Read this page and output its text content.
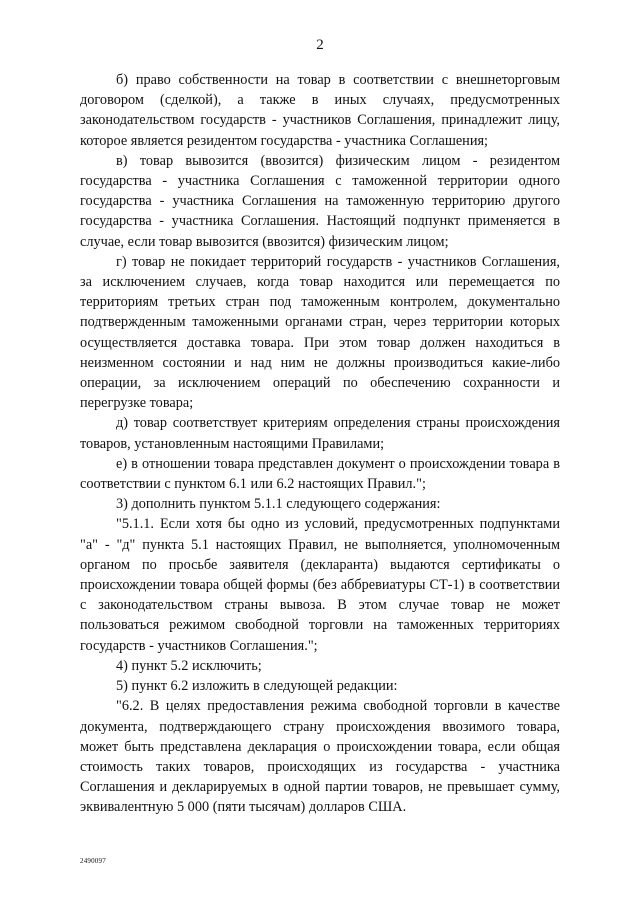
2

б) право собственности на товар в соответствии с внешнеторговым договором (сделкой), а также в иных случаях, предусмотренных законодательством государств - участников Соглашения, принадлежит лицу, которое является резидентом государства - участника Соглашения;

в) товар вывозится (ввозится) физическим лицом - резидентом государства - участника Соглашения с таможенной территории одного государства - участника Соглашения на таможенную территорию другого государства - участника Соглашения. Настоящий подпункт применяется в случае, если товар вывозится (ввозится) физическим лицом;

г) товар не покидает территорий государств - участников Соглашения, за исключением случаев, когда товар находится или перемещается по территориям третьих стран под таможенным контролем, документально подтвержденным таможенными органами стран, через территории которых осуществляется доставка товара. При этом товар должен находиться в неизменном состоянии и над ним не должны производиться какие-либо операции, за исключением операций по обеспечению сохранности и перегрузке товара;

д) товар соответствует критериям определения страны происхождения товаров, установленным настоящими Правилами;

е) в отношении товара представлен документ о происхождении товара в соответствии с пунктом 6.1 или 6.2 настоящих Правил.";

3) дополнить пунктом 5.1.1 следующего содержания:

"5.1.1. Если хотя бы одно из условий, предусмотренных подпунктами "а" - "д" пункта 5.1 настоящих Правил, не выполняется, уполномоченным органом по просьбе заявителя (декларанта) выдаются сертификаты о происхождении товара общей формы (без аббревиатуры СТ-1) в соответствии с законодательством страны вывоза. В этом случае товар не может пользоваться режимом свободной торговли на таможенных территориях государств - участников Соглашения.";

4) пункт 5.2 исключить;

5) пункт 6.2 изложить в следующей редакции:

"6.2. В целях предоставления режима свободной торговли в качестве документа, подтверждающего страну происхождения ввозимого товара, может быть представлена декларация о происхождении товара, если общая стоимость таких товаров, происходящих из государства - участника Соглашения и декларируемых в одной партии товаров, не превышает сумму, эквивалентную 5 000 (пяти тысячам) долларов США.

2490097
